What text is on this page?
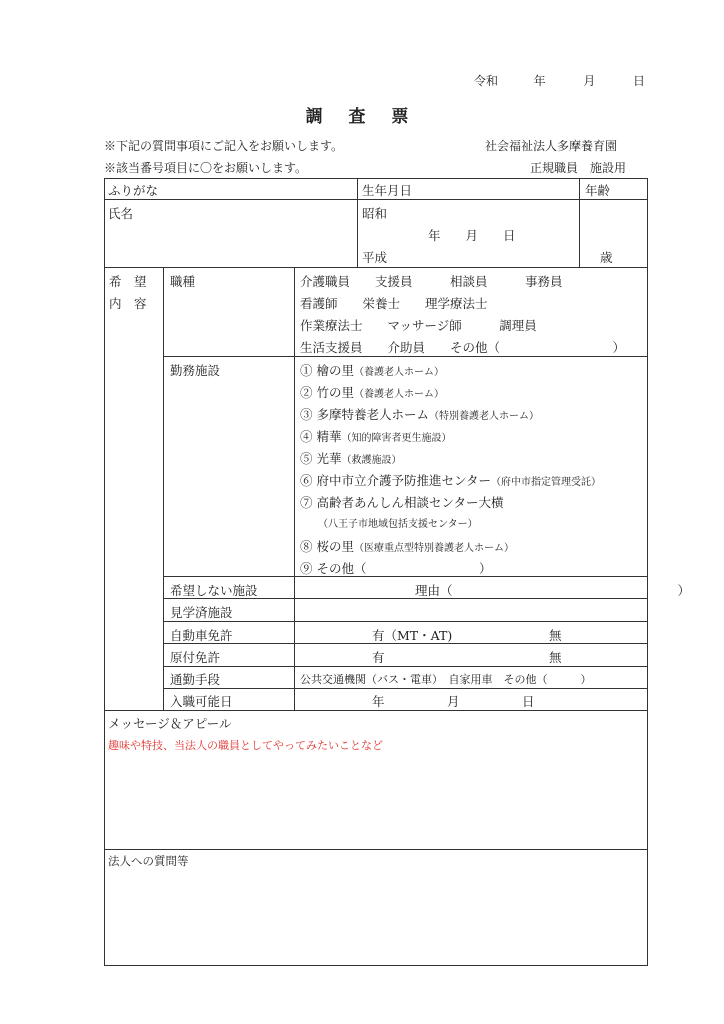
令和	年	月	日
調 査 票
※下記の質問事項にご記入をお願いします。
※該当番号項目に〇をお願いします。
社会福祉法人多摩養育園
正規職員　施設用
ふりがな	生年月日	年齢
氏名	昭和
年　　月　　日
平成	歳
希　望
内　容
職種	介護職員　　支援員　　　相談員　　　事務員
看護師　　栄養士　　理学療法士
作業療法士　　マッサージ師　　　調理員
生活支援員　　介助員　　その他（　　　　　　　　　）
勤務施設	① 檜の里（養護老人ホーム）
② 竹の里（養護老人ホーム）
③ 多摩特養老人ホーム（特別養護老人ホーム）
④ 精華（知的障害者更生施設）
⑤ 光華（救護施設）
⑥ 府中市立介護予防推進センター（府中市指定管理受託）
⑦ 高齢者あんしん相談センター大横
（八王子市地域包括支援センター）
⑧ 桜の里（医療重点型特別養護老人ホーム）
⑨ その他（　　　　　　　　　）
希望しない施設	理由（　　　　　　　　　　　　　　　　　　）
見学済施設
自動車免許	有（MT・AT)	無
原付免許	有	無
通勤手段	公共交通機関（バス・電車）　自家用車　その他（　　　）
入職可能日	年　　　　　月　　　　　日
メッセージ＆アピール
趣味や特技、当法人の職員としてやってみたいことなど
法人への質問等
